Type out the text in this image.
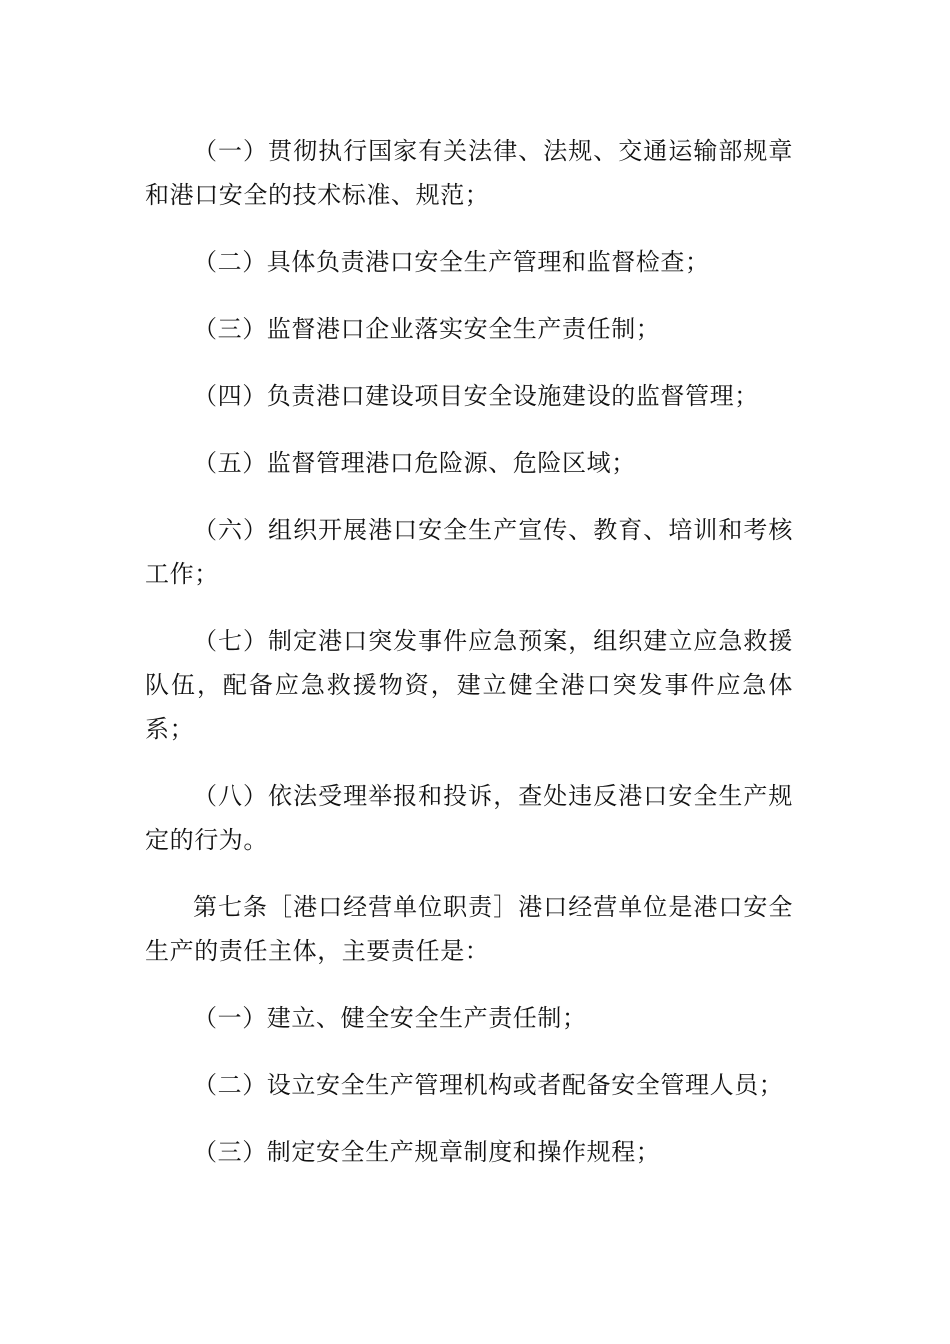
（一）贯彻执行国家有关法律、法规、交通运输部规章和港口安全的技术标准、规范；

（二）具体负责港口安全生产管理和监督检查；

（三）监督港口企业落实安全生产责任制；

（四）负责港口建设项目安全设施建设的监督管理；

（五）监督管理港口危险源、危险区域；

（六）组织开展港口安全生产宣传、教育、培训和考核工作；

（七）制定港口突发事件应急预案，组织建立应急救援队伍，配备应急救援物资，建立健全港口突发事件应急体系；

（八）依法受理举报和投诉，查处违反港口安全生产规定的行为。

第七条［港口经营单位职责］港口经营单位是港口安全生产的责任主体，主要责任是：

（一）建立、健全安全生产责任制；

（二）设立安全生产管理机构或者配备安全管理人员；

（三）制定安全生产规章制度和操作规程；
